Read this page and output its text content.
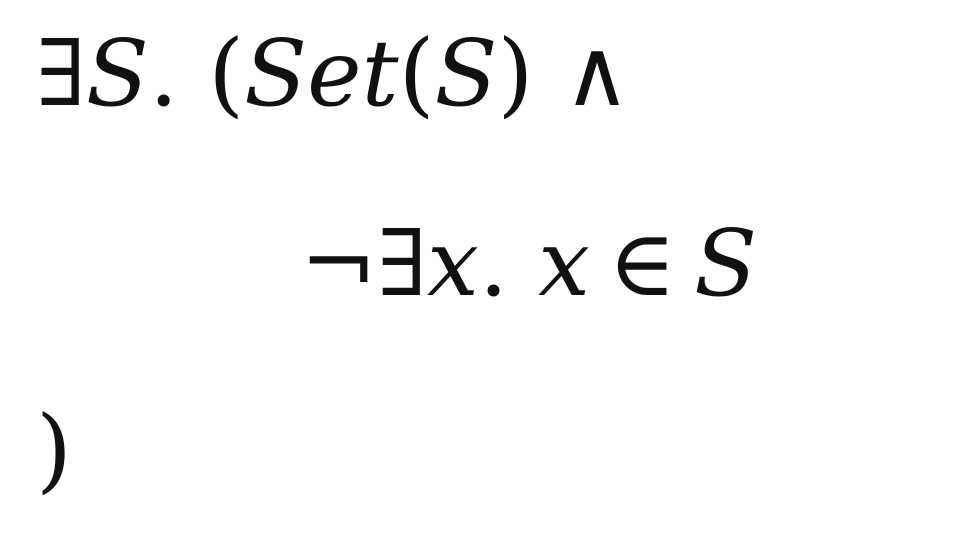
∃S. (Set(S) ∧
¬∃x. x ∈ S
)
